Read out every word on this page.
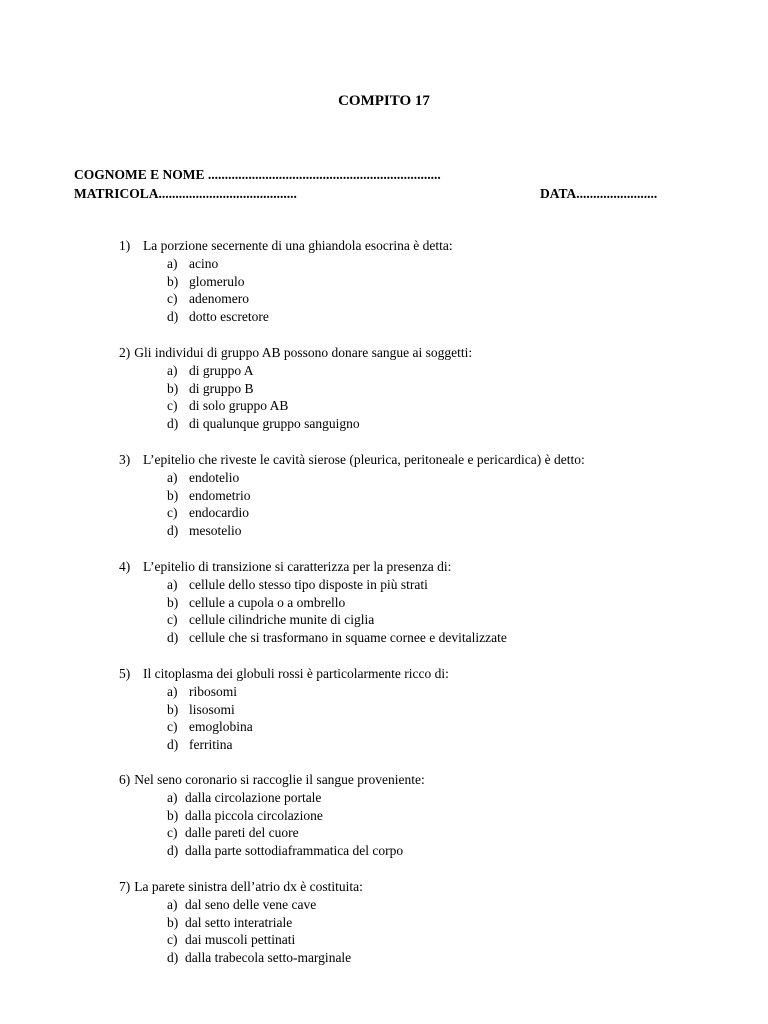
COMPITO 17
COGNOME E NOME .....................................................................
MATRICOLA.........................................	DATA........................
1) La porzione secernente di una ghiandola esocrina è detta:
a) acino
b) glomerulo
c) adenomero
d) dotto escretore
2) Gli individui di gruppo AB possono donare sangue ai soggetti:
a) di gruppo A
b) di gruppo B
c) di solo gruppo AB
d) di qualunque gruppo sanguigno
3) L’epitelio che riveste le cavità sierose (pleurica, peritoneale e pericardica) è detto:
a) endotelio
b) endometrio
c) endocardio
d) mesotelio
4) L’epitelio di transizione si caratterizza per la presenza di:
a) cellule dello stesso tipo disposte in più strati
b) cellule a cupola o a ombrello
c) cellule cilindriche munite di ciglia
d) cellule che si trasformano in squame cornee e devitalizzate
5) Il citoplasma dei globuli rossi è particolarmente ricco di:
a) ribosomi
b) lisosomi
c) emoglobina
d) ferritina
6) Nel seno coronario si raccoglie il sangue proveniente:
a) dalla circolazione portale
b) dalla piccola circolazione
c) dalle pareti del cuore
d) dalla parte sottodiaframmatica del corpo
7) La parete sinistra dell’atrio dx è costituita:
a) dal seno delle vene cave
b) dal setto interatriale
c) dai muscoli pettinati
d) dalla trabecola setto-marginale
